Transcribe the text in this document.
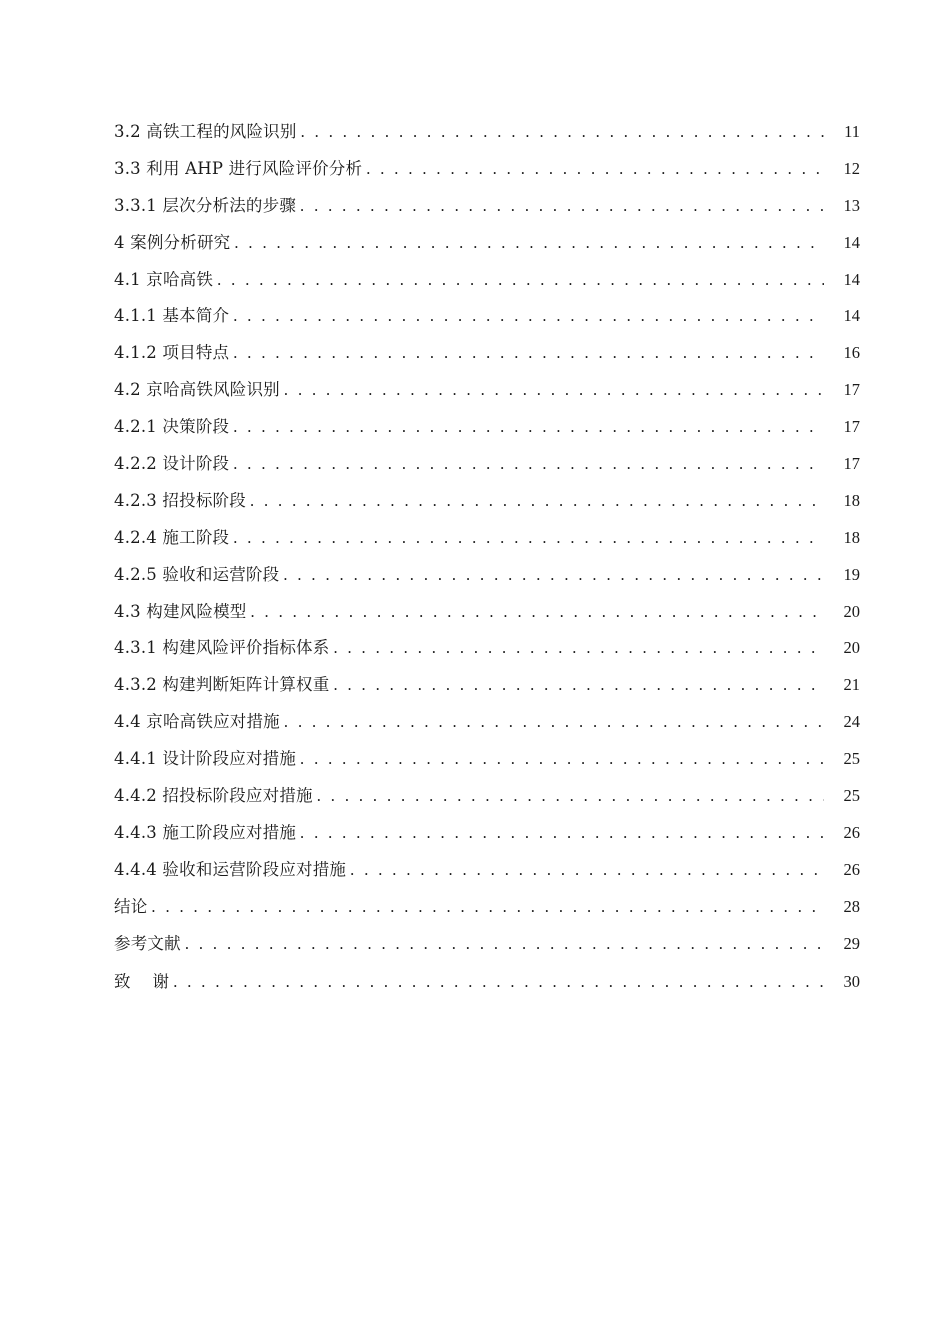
3.2 高铁工程的风险识别 . . .	11
3.3 利用 AHP 进行风险评价分析 . . .	12
3.3.1 层次分析法的步骤 . . .	13
4 案例分析研究 . . .	14
4.1 京哈高铁 . . .	14
4.1.1 基本简介 . . .	14
4.1.2 项目特点 . . .	16
4.2 京哈高铁风险识别 . . .	17
4.2.1 决策阶段 . . .	17
4.2.2 设计阶段 . . .	17
4.2.3 招投标阶段 . . .	18
4.2.4 施工阶段 . . .	18
4.2.5 验收和运营阶段 . . .	19
4.3 构建风险模型 . . .	20
4.3.1 构建风险评价指标体系 . . .	20
4.3.2 构建判断矩阵计算权重 . . .	21
4.4 京哈高铁应对措施 . . .	24
4.4.1 设计阶段应对措施 . . .	25
4.4.2 招投标阶段应对措施 . . .	25
4.4.3 施工阶段应对措施 . . .	26
4.4.4 验收和运营阶段应对措施 . . .	26
结论 . . .	28
参考文献 . . .	29
致    谢 . . .	30
